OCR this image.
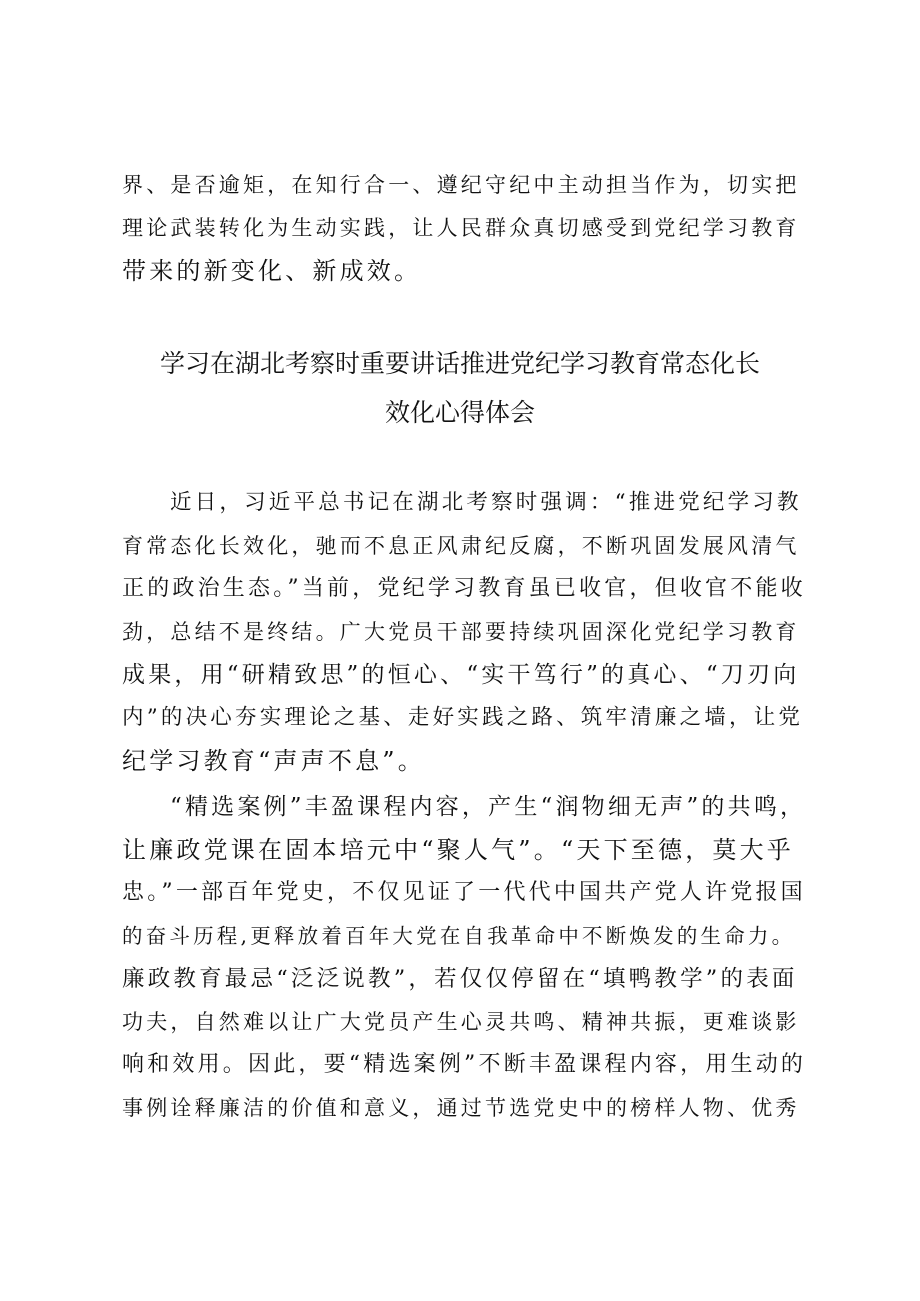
界、是否逾矩，在知行合一、遵纪守纪中主动担当作为，切实把
理论武装转化为生动实践，让人民群众真切感受到党纪学习教育
带来的新变化、新成效。
学习在湖北考察时重要讲话推进党纪学习教育常态化长
效化心得体会
近日，习近平总书记在湖北考察时强调：“推进党纪学习教
育常态化长效化，驰而不息正风肃纪反腐，不断巩固发展风清气
正的政治生态。”当前，党纪学习教育虽已收官，但收官不能收
劲，总结不是终结。广大党员干部要持续巩固深化党纪学习教育
成果，用“研精致思”的恒心、“实干笃行”的真心、“刀刃向
内”的决心夯实理论之基、走好实践之路、筑牢清廉之墙，让党
纪学习教育“声声不息”。
“精选案例”丰盈课程内容，产生“润物细无声”的共鸣，
让廉政党课在固本培元中“聚人气”。“天下至德，莫大乎
忠。”一部百年党史，不仅见证了一代代中国共产党人许党报国
的奋斗历程,更释放着百年大党在自我革命中不断焕发的生命力。
廉政教育最忌“泛泛说教”，若仅仅停留在“填鸭教学”的表面
功夫，自然难以让广大党员产生心灵共鸣、精神共振，更难谈影
响和效用。因此，要“精选案例”不断丰盈课程内容，用生动的
事例诠释廉洁的价值和意义，通过节选党史中的榜样人物、优秀
